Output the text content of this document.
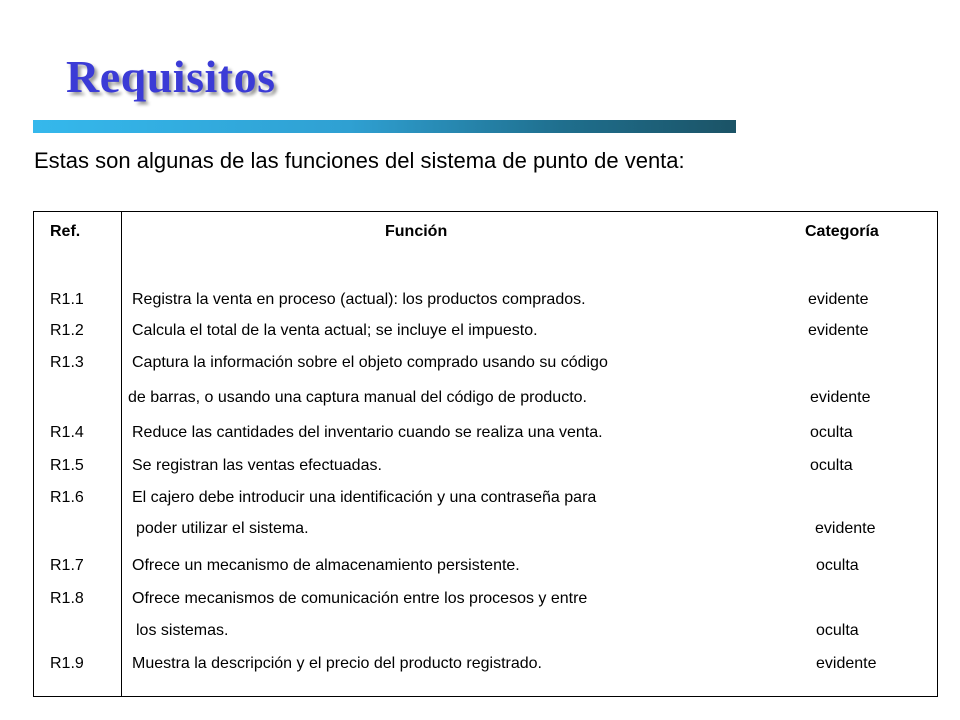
Requisitos
Estas son algunas de las funciones del sistema de punto de venta:
Ref.	Función	Categoría
R1.1	Registra la venta en proceso (actual): los productos comprados.	evidente
R1.2	Calcula el total de la venta actual; se incluye el impuesto.	evidente
R1.3	Captura la información sobre el objeto comprado usando su código
de barras, o usando una captura manual del código de producto.	evidente
R1.4	Reduce las cantidades del inventario cuando se realiza una venta.	oculta
R1.5	Se registran las ventas efectuadas.	oculta
R1.6	El cajero debe introducir una identificación y una contraseña para
poder utilizar el sistema.	evidente
R1.7	Ofrece un mecanismo de almacenamiento persistente.	oculta
R1.8	Ofrece mecanismos de comunicación entre los procesos y entre
los sistemas.	oculta
R1.9	Muestra la descripción y el precio del producto registrado.	evidente
